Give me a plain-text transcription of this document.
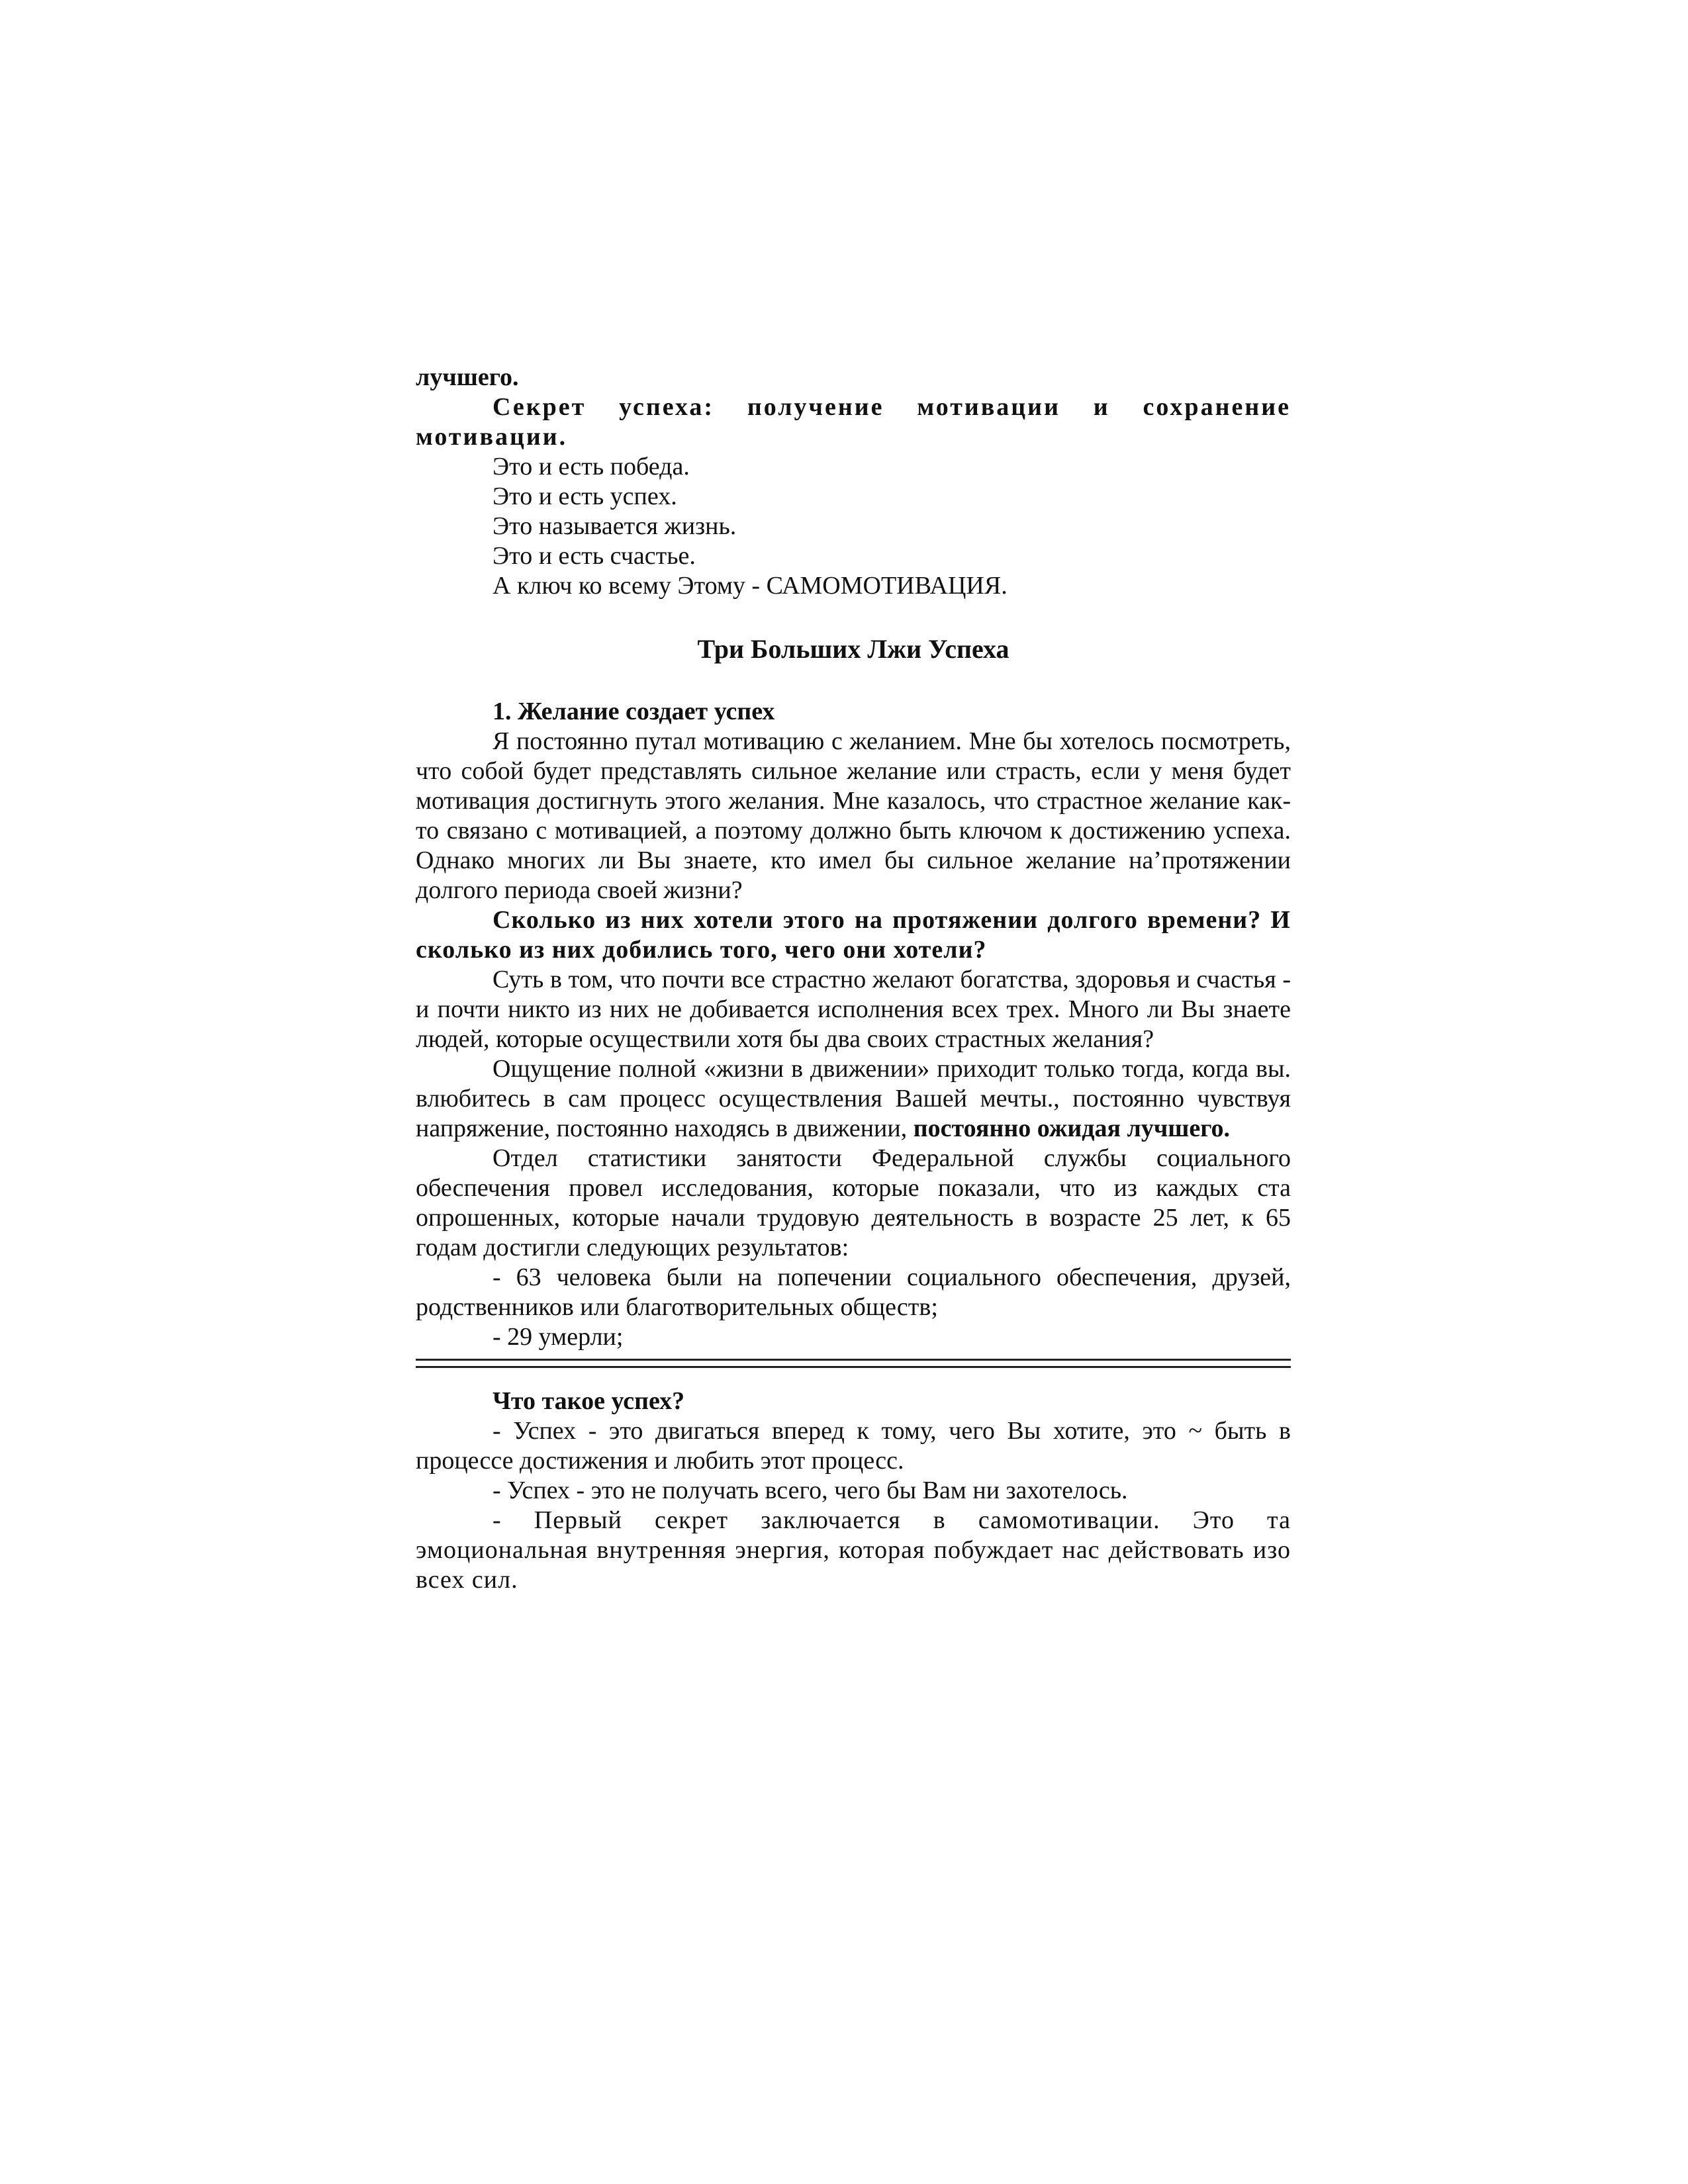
лучшего.

Секрет успеха: получение мотивации и сохранение мотивации.

Это и есть победа.

Это и есть успех.

Это называется жизнь.

Это и есть счастье.

А ключ ко всему Этому - САМОМОТИВАЦИЯ.

Три Больших Лжи Успеха

1. Желание создает успех

Я постоянно путал мотивацию с желанием. Мне бы хотелось посмотреть, что собой будет представлять сильное желание или страсть, если у меня будет мотивация достигнуть этого желания. Мне казалось, что страстное желание как-то связано с мотивацией, а поэтому должно быть ключом к достижению успеха. Однако многих ли Вы знаете, кто имел бы сильное желание на’протяжении долгого периода своей жизни?

Сколько из них хотели этого на протяжении долгого времени? И сколько из них добились того, чего они хотели?

Суть в том, что почти все страстно желают богатства, здоровья и счастья - и почти никто из них не добивается исполнения всех трех. Много ли Вы знаете людей, которые осуществили хотя бы два своих страстных желания?

Ощущение полной «жизни в движении» приходит только тогда, когда вы. влюбитесь в сам процесс осуществления Вашей мечты., постоянно чувствуя напряжение, постоянно находясь в движении, постоянно ожидая лучшего.

Отдел статистики занятости Федеральной службы социального обеспечения провел исследования, которые показали, что из каждых ста опрошенных, которые начали трудовую деятельность в возрасте 25 лет, к 65 годам достигли следующих результатов:

- 63 человека были на попечении социального обеспечения, друзей, родственников или благотворительных обществ;

- 29 умерли;

Что такое успех?

- Успех - это двигаться вперед к тому, чего Вы хотите, это ~ быть в процессе достижения и любить этот процесс.

- Успех - это не получать всего, чего бы Вам ни захотелось.

- Первый секрет заключается в самомотивации. Это та эмоциональная внутренняя энергия, которая побуждает нас действовать изо всех сил.
